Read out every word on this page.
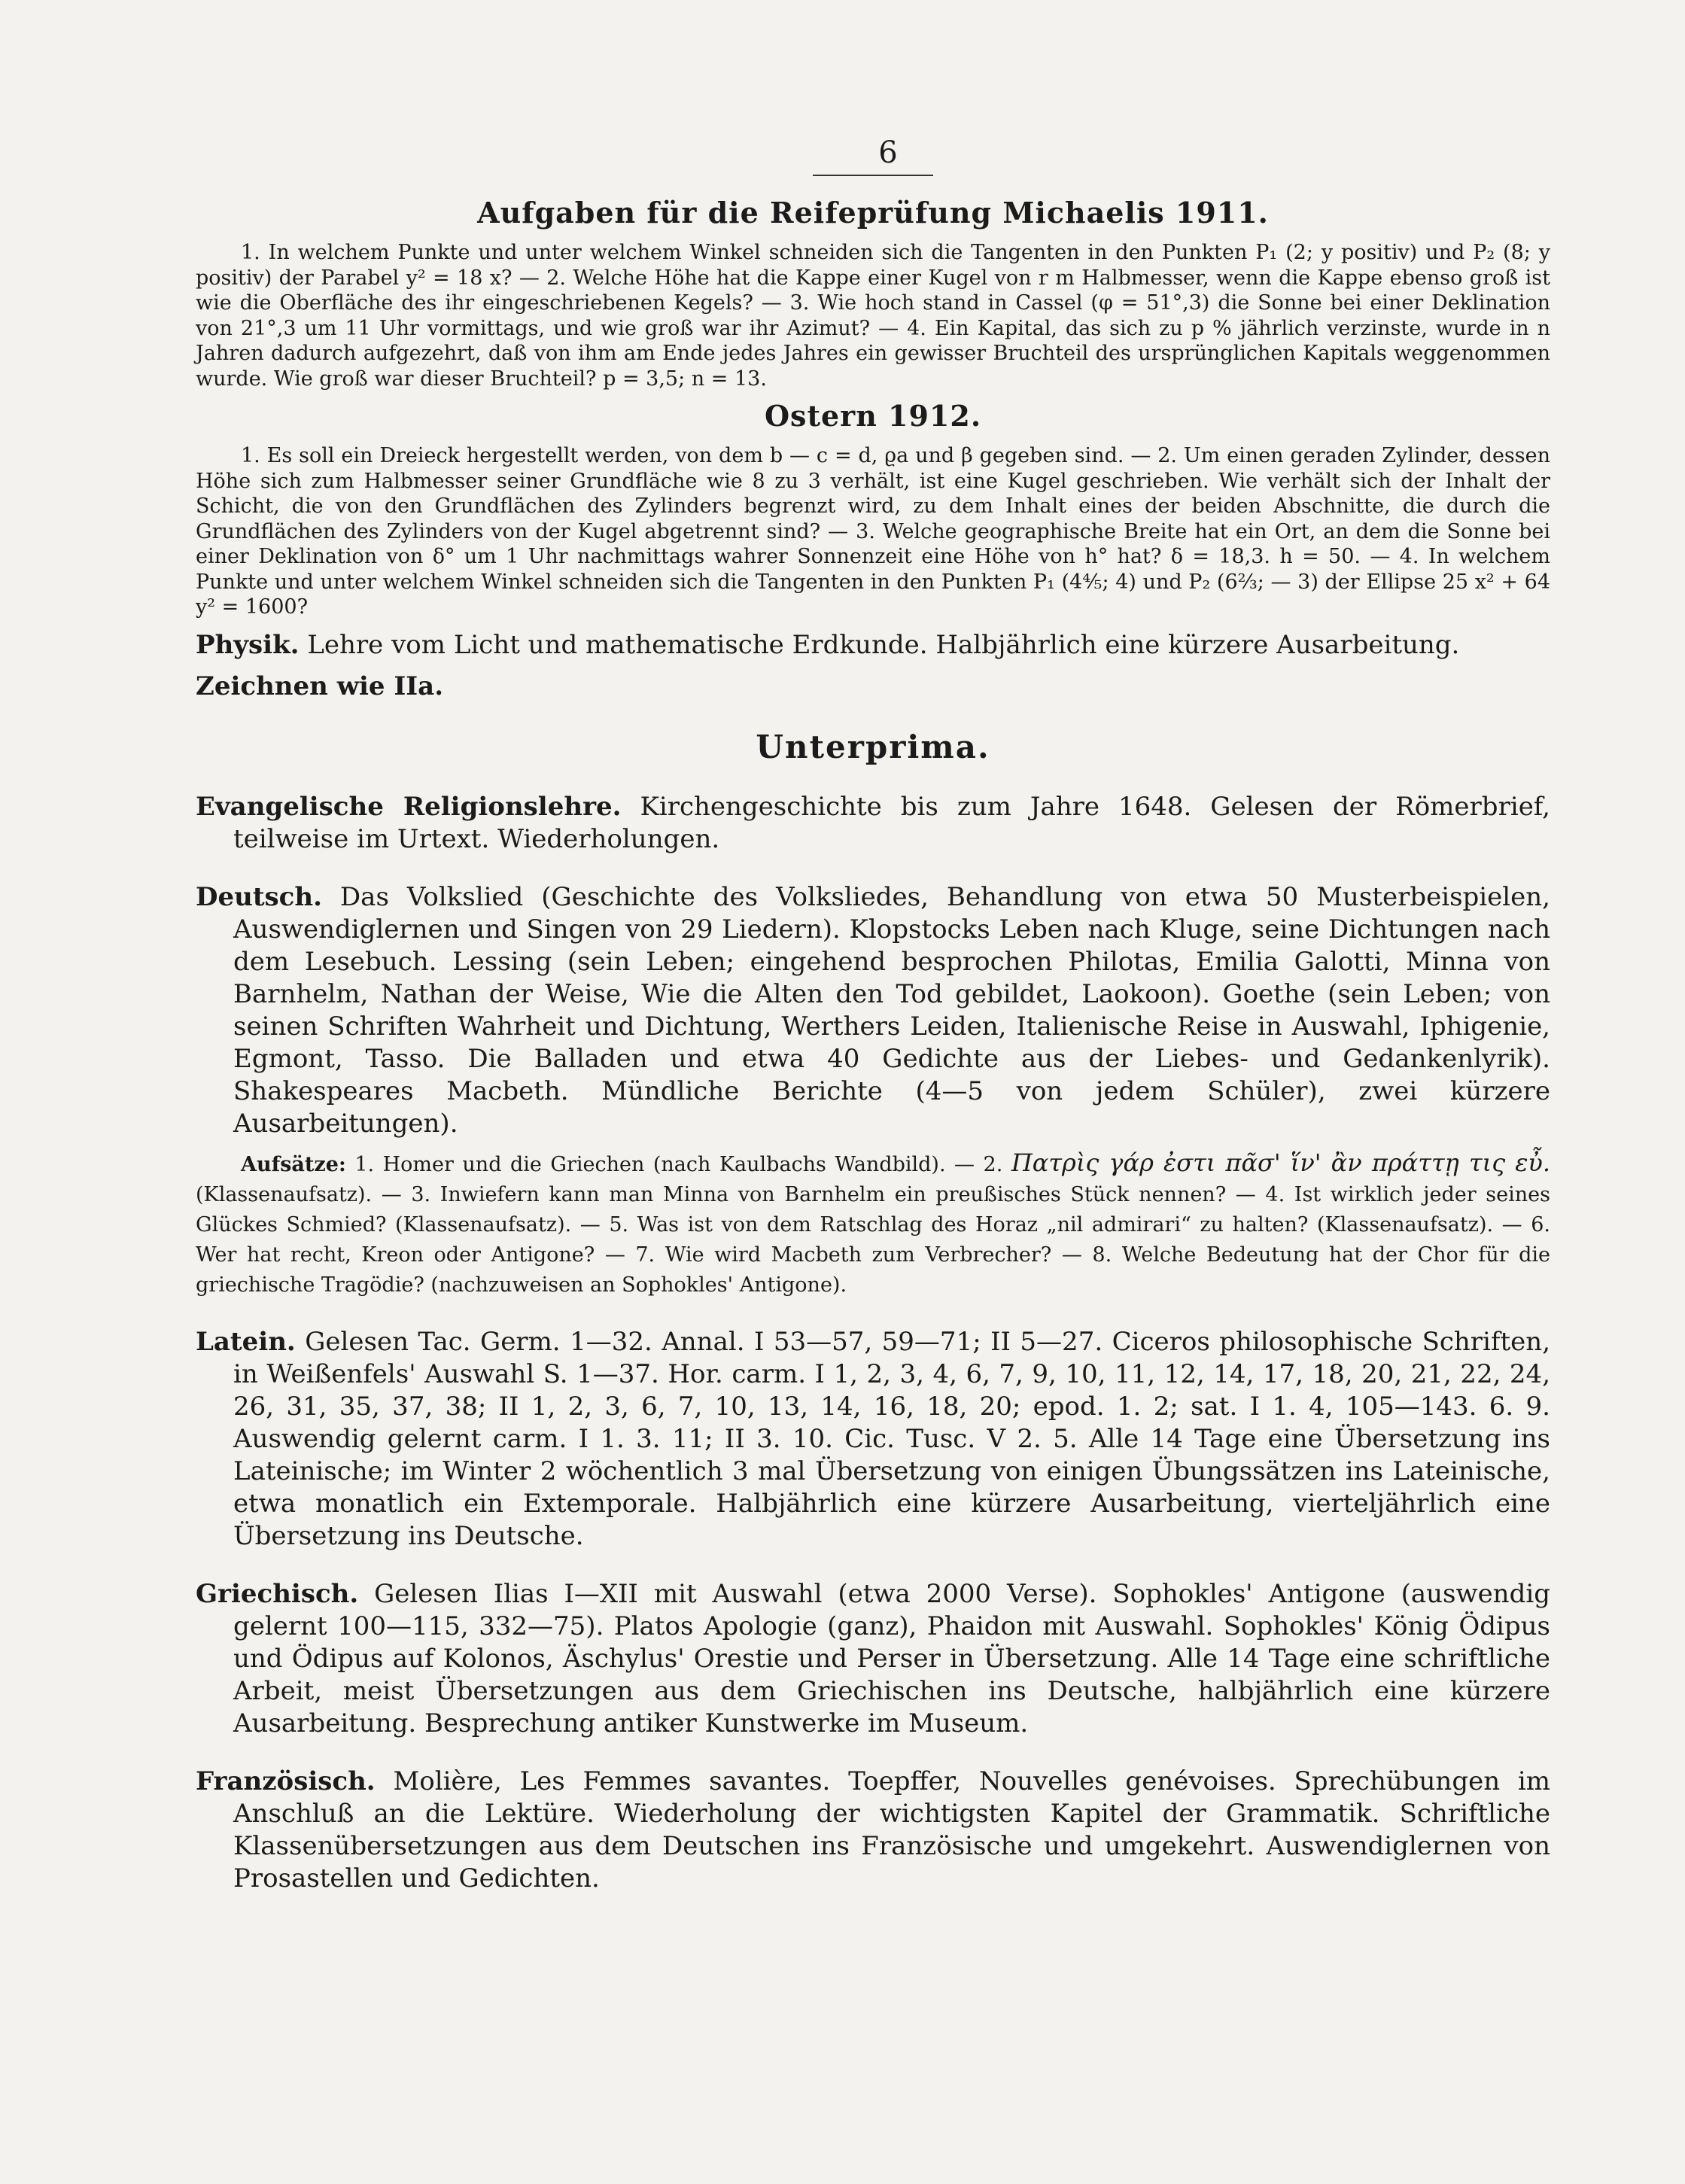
6
Aufgaben für die Reifeprüfung Michaelis 1911.

1. In welchem Punkte und unter welchem Winkel schneiden sich die Tangenten in den Punkten P₁ (2; y positiv) und P₂ (8; y positiv) der Parabel y² = 18 x? — 2. Welche Höhe hat die Kappe einer Kugel von r m Halbmesser, wenn die Kappe ebenso groß ist wie die Oberfläche des ihr eingeschriebenen Kegels? — 3. Wie hoch stand in Cassel (φ = 51°,3) die Sonne bei einer Deklination von 21°,3 um 11 Uhr vormittags, und wie groß war ihr Azimut? — 4. Ein Kapital, das sich zu p % jährlich verzinste, wurde in n Jahren dadurch aufgezehrt, daß von ihm am Ende jedes Jahres ein gewisser Bruchteil des ursprünglichen Kapitals weggenommen wurde. Wie groß war dieser Bruchteil? p = 3,5; n = 13.

Ostern 1912.

1. Es soll ein Dreieck hergestellt werden, von dem b — c = d, ϱa und β gegeben sind. — 2. Um einen geraden Zylinder, dessen Höhe sich zum Halbmesser seiner Grundfläche wie 8 zu 3 verhält, ist eine Kugel geschrieben. Wie verhält sich der Inhalt der Schicht, die von den Grundflächen des Zylinders begrenzt wird, zu dem Inhalt eines der beiden Abschnitte, die durch die Grundflächen des Zylinders von der Kugel abgetrennt sind? — 3. Welche geographische Breite hat ein Ort, an dem die Sonne bei einer Deklination von δ° um 1 Uhr nachmittags wahrer Sonnenzeit eine Höhe von h° hat? δ = 18,3. h = 50. — 4. In welchem Punkte und unter welchem Winkel schneiden sich die Tangenten in den Punkten P₁ (4⅘; 4) und P₂ (6⅔; — 3) der Ellipse 25 x² + 64 y² = 1600?

Physik. Lehre vom Licht und mathematische Erdkunde. Halbjährlich eine kürzere Ausarbeitung.

Zeichnen wie IIa.

Unterprima.

Evangelische Religionslehre. Kirchengeschichte bis zum Jahre 1648. Gelesen der Römerbrief, teilweise im Urtext. Wiederholungen.

Deutsch. Das Volkslied (Geschichte des Volksliedes, Behandlung von etwa 50 Musterbeispielen, Auswendiglernen und Singen von 29 Liedern). Klopstocks Leben nach Kluge, seine Dichtungen nach dem Lesebuch. Lessing (sein Leben; eingehend besprochen Philotas, Emilia Galotti, Minna von Barnhelm, Nathan der Weise, Wie die Alten den Tod gebildet, Laokoon). Goethe (sein Leben; von seinen Schriften Wahrheit und Dichtung, Werthers Leiden, Italienische Reise in Auswahl, Iphigenie, Egmont, Tasso. Die Balladen und etwa 40 Gedichte aus der Liebes- und Gedankenlyrik). Shakespeares Macbeth. Mündliche Berichte (4—5 von jedem Schüler), zwei kürzere Ausarbeitungen).

Aufsätze: 1. Homer und die Griechen (nach Kaulbachs Wandbild). — 2. Πατρὶς γάρ ἐστι πᾶσ' ἵν' ἂν πράττῃ τις εὖ. (Klassenaufsatz). — 3. Inwiefern kann man Minna von Barnhelm ein preußisches Stück nennen? — 4. Ist wirklich jeder seines Glückes Schmied? (Klassenaufsatz). — 5. Was ist von dem Ratschlag des Horaz „nil admirari“ zu halten? (Klassenaufsatz). — 6. Wer hat recht, Kreon oder Antigone? — 7. Wie wird Macbeth zum Verbrecher? — 8. Welche Bedeutung hat der Chor für die griechische Tragödie? (nachzuweisen an Sophokles' Antigone).

Latein. Gelesen Tac. Germ. 1—32. Annal. I 53—57, 59—71; II 5—27. Ciceros philosophische Schriften, in Weißenfels' Auswahl S. 1—37. Hor. carm. I 1, 2, 3, 4, 6, 7, 9, 10, 11, 12, 14, 17, 18, 20, 21, 22, 24, 26, 31, 35, 37, 38; II 1, 2, 3, 6, 7, 10, 13, 14, 16, 18, 20; epod. 1. 2; sat. I 1. 4, 105—143. 6. 9. Auswendig gelernt carm. I 1. 3. 11; II 3. 10. Cic. Tusc. V 2. 5. Alle 14 Tage eine Übersetzung ins Lateinische; im Winter 2 wöchentlich 3 mal Übersetzung von einigen Übungssätzen ins Lateinische, etwa monatlich ein Extemporale. Halbjährlich eine kürzere Ausarbeitung, vierteljährlich eine Übersetzung ins Deutsche.

Griechisch. Gelesen Ilias I—XII mit Auswahl (etwa 2000 Verse). Sophokles' Antigone (auswendig gelernt 100—115, 332—75). Platos Apologie (ganz), Phaidon mit Auswahl. Sophokles' König Ödipus und Ödipus auf Kolonos, Äschylus' Orestie und Perser in Übersetzung. Alle 14 Tage eine schriftliche Arbeit, meist Übersetzungen aus dem Griechischen ins Deutsche, halbjährlich eine kürzere Ausarbeitung. Besprechung antiker Kunstwerke im Museum.

Französisch. Molière, Les Femmes savantes. Toepffer, Nouvelles genévoises. Sprechübungen im Anschluß an die Lektüre. Wiederholung der wichtigsten Kapitel der Grammatik. Schriftliche Klassenübersetzungen aus dem Deutschen ins Französische und umgekehrt. Auswendiglernen von Prosastellen und Gedichten.
